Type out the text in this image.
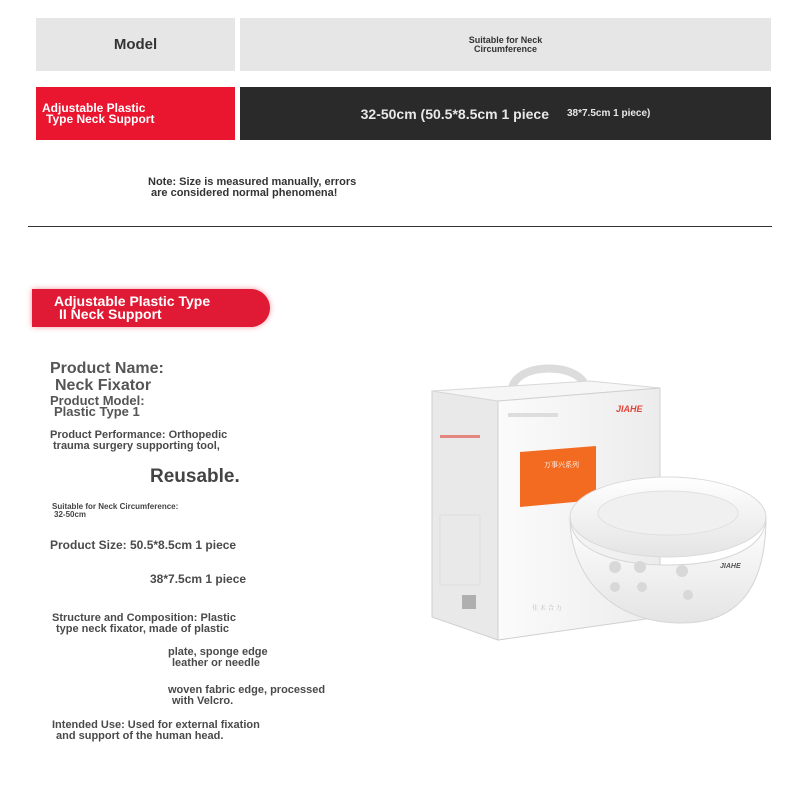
Model	Suitable for Neck
Circumference
Adjustable Plastic
Type Neck Support	32-50cm (50.5*8.5cm 1 piece 38*7.5cm 1 piece)
Note: Size is measured manually, errors
are considered normal phenomena!
Adjustable Plastic Type
II Neck Support
Product Name:
Neck Fixator
Product Model:
Plastic Type 1
Product Performance: Orthopedic
trauma surgery supporting tool,
Reusable.
Suitable for Neck Circumference:
32-50cm
Product Size: 50.5*8.5cm 1 piece
38*7.5cm 1 piece
Structure and Composition: Plastic
type neck fixator, made of plastic
plate, sponge edge
leather or needle
woven fabric edge, processed
with Velcro.
Intended Use: Used for external fixation
and support of the human head.
万事兴系列
JIAHE
佳 禾 合 力
JIAHE
